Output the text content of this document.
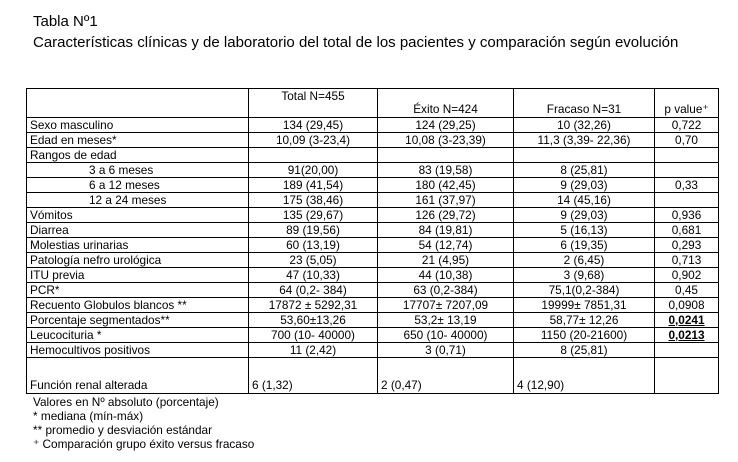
Tabla Nº1
Características clínicas y de laboratorio del total de los pacientes y comparación según evolución
	Total N=455	Éxito N=424	Fracaso N=31	p value⁺
Sexo masculino	134 (29,45)	124 (29,25)	10 (32,26)	0,722
Edad en meses*	10,09 (3-23,4)	10,08 (3-23,39)	11,3 (3,39- 22,36)	0,70
Rangos de edad				
3 a 6 meses	91(20,00)	83 (19,58)	8 (25,81)	
6 a 12 meses	189 (41,54)	180 (42,45)	9 (29,03)	0,33
12 a 24 meses	175 (38,46)	161 (37,97)	14 (45,16)	
Vómitos	135 (29,67)	126 (29,72)	9 (29,03)	0,936
Diarrea	89 (19,56)	84 (19,81)	5 (16,13)	0,681
Molestias urinarias	60 (13,19)	54 (12,74)	6 (19,35)	0,293
Patología nefro urológica	23 (5,05)	21 (4,95)	2 (6,45)	0,713
ITU previa	47 (10,33)	44 (10,38)	3 (9,68)	0,902
PCR*	64 (0,2- 384)	63 (0,2-384)	75,1(0,2-384)	0,45
Recuento Globulos blancos **	17872 ± 5292,31	17707± 7207,09	19999± 7851,31	0,0908
Porcentaje segmentados**	53,60±13,26	53,2± 13,19	58,77± 12,26	0,0241
Leucocituria *	700 (10- 40000)	650 (10- 40000)	1150 (20-21600)	0,0213
Hemocultivos positivos	11 (2,42)	3 (0,71)	8 (25,81)	
Función renal alterada	6 (1,32)	2 (0,47)	4 (12,90)	
Valores en Nº absoluto (porcentaje)
* mediana (mín-máx)
** promedio y desviación estándar
⁺ Comparación grupo éxito versus fracaso
